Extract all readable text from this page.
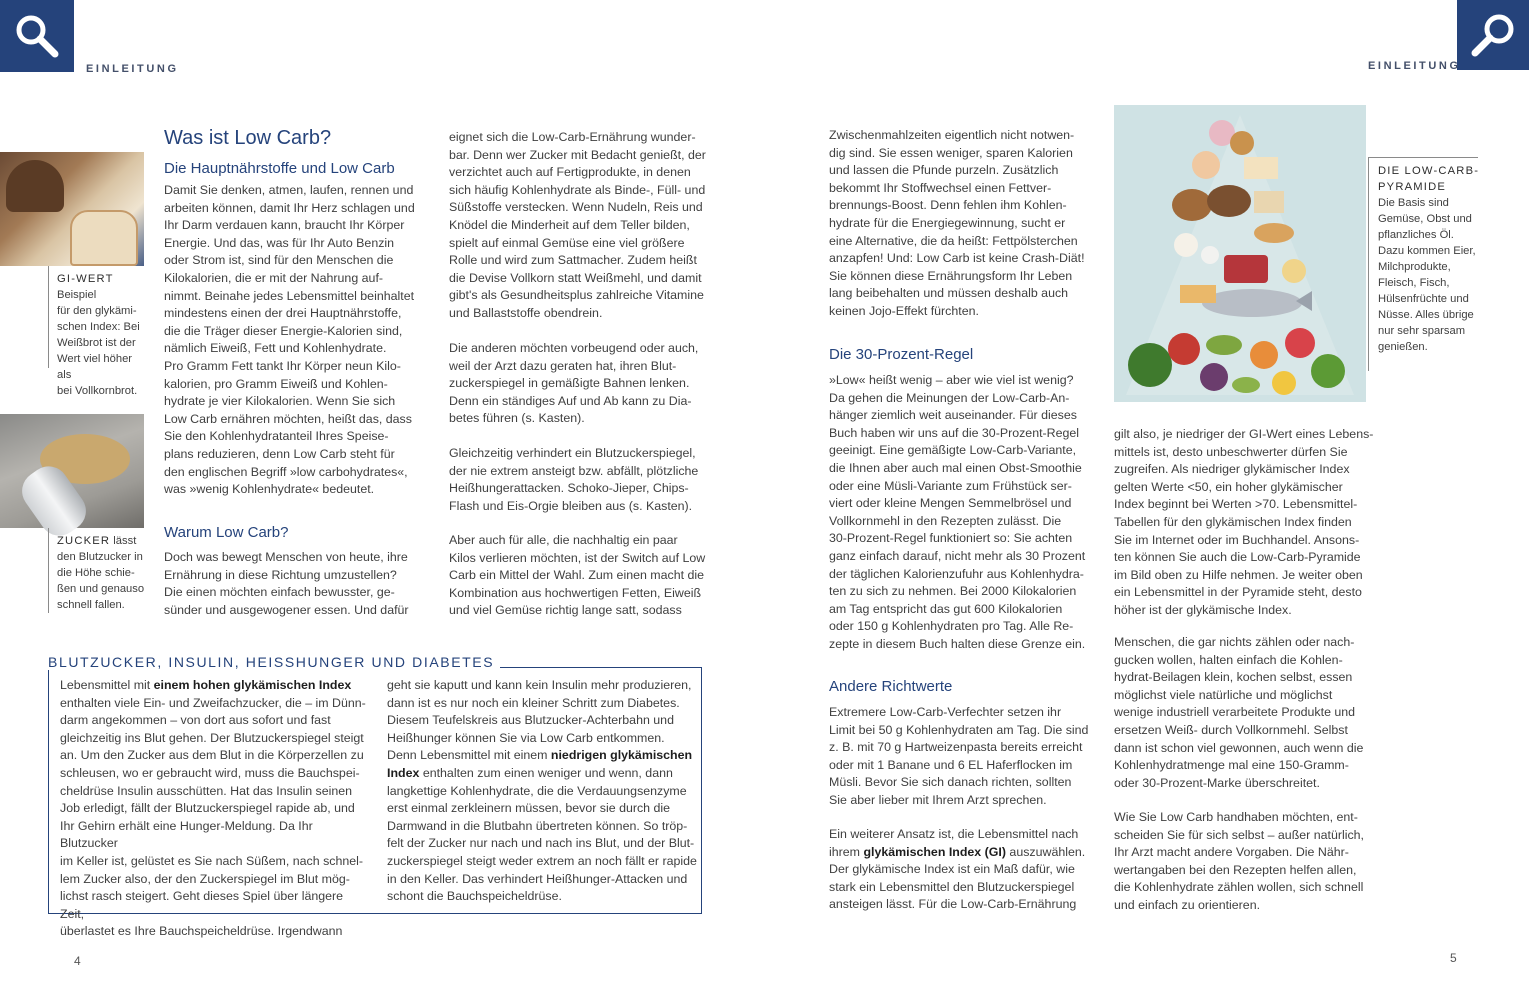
EINLEITUNG	EINLEITUNG
GI-WERT Beispiel
für den glykämi-
schen Index: Bei
Weißbrot ist der
Wert viel höher als
bei Vollkornbrot.
ZUCKER lässt
den Blutzucker in
die Höhe schie-
ßen und genauso
schnell fallen.
Was ist Low Carb?
Die Hauptnährstoffe und Low Carb

Damit Sie denken, atmen, laufen, rennen und
arbeiten können, damit Ihr Herz schlagen und
Ihr Darm verdauen kann, braucht Ihr Körper
Energie. Und das, was für Ihr Auto Benzin
oder Strom ist, sind für den Menschen die
Kilokalorien, die er mit der Nahrung auf-
nimmt. Beinahe jedes Lebensmittel beinhaltet
mindestens einen der drei Hauptnährstoffe,
die die Träger dieser Energie-Kalorien sind,
nämlich Eiweiß, Fett und Kohlenhydrate.
Pro Gramm Fett tankt Ihr Körper neun Kilo-
kalorien, pro Gramm Eiweiß und Kohlen-
hydrate je vier Kilokalorien. Wenn Sie sich
Low Carb ernähren möchten, heißt das, dass
Sie den Kohlenhydratanteil Ihres Speise-
plans reduzieren, denn Low Carb steht für
den englischen Begriff »low carbohydrates«,
was »wenig Kohlenhydrate« bedeutet.

Warum Low Carb?

Doch was bewegt Menschen von heute, ihre
Ernährung in diese Richtung umzustellen?
Die einen möchten einfach bewusster, ge-
sünder und ausgewogener essen. Und dafür

eignet sich die Low-Carb-Ernährung wunder-
bar. Denn wer Zucker mit Bedacht genießt, der
verzichtet auch auf Fertigprodukte, in denen
sich häufig Kohlenhydrate als Binde-, Füll- und
Süßstoffe verstecken. Wenn Nudeln, Reis und
Knödel die Minderheit auf dem Teller bilden,
spielt auf einmal Gemüse eine viel größere
Rolle und wird zum Sattmacher. Zudem heißt
die Devise Vollkorn statt Weißmehl, und damit
gibt's als Gesundheitsplus zahlreiche Vitamine
und Ballaststoffe obendrein.

Die anderen möchten vorbeugend oder auch,
weil der Arzt dazu geraten hat, ihren Blut-
zuckerspiegel in gemäßigte Bahnen lenken.
Denn ein ständiges Auf und Ab kann zu Dia-
betes führen (s. Kasten).

Gleichzeitig verhindert ein Blutzuckerspiegel,
der nie extrem ansteigt bzw. abfällt, plötzliche
Heißhungerattacken. Schoko-Jieper, Chips-
Flash und Eis-Orgie bleiben aus (s. Kasten).

Aber auch für alle, die nachhaltig ein paar
Kilos verlieren möchten, ist der Switch auf Low
Carb ein Mittel der Wahl. Zum einen macht die
Kombination aus hochwertigen Fetten, Eiweiß
und viel Gemüse richtig lange satt, sodass

BLUTZUCKER, INSULIN, HEISSHUNGER UND DIABETES

Lebensmittel mit einem hohen glykämischen Index
enthalten viele Ein- und Zweifachzucker, die – im Dünn-
darm angekommen – von dort aus sofort und fast
gleichzeitig ins Blut gehen. Der Blutzuckerspiegel steigt
an. Um den Zucker aus dem Blut in die Körperzellen zu
schleusen, wo er gebraucht wird, muss die Bauchspei-
cheldrüse Insulin ausschütten. Hat das Insulin seinen
Job erledigt, fällt der Blutzuckerspiegel rapide ab, und
Ihr Gehirn erhält eine Hunger-Meldung. Da Ihr Blutzucker
im Keller ist, gelüstet es Sie nach Süßem, nach schnel-
lem Zucker also, der den Zuckerspiegel im Blut mög-
lichst rasch steigert. Geht dieses Spiel über längere Zeit,
überlastet es Ihre Bauchspeicheldrüse. Irgendwann

geht sie kaputt und kann kein Insulin mehr produzieren,
dann ist es nur noch ein kleiner Schritt zum Diabetes.
Diesem Teufelskreis aus Blutzucker-Achterbahn und
Heißhunger können Sie via Low Carb entkommen.
Denn Lebensmittel mit einem niedrigen glykämischen
Index enthalten zum einen weniger und wenn, dann
langkettige Kohlenhydrate, die die Verdauungsenzyme
erst einmal zerkleinern müssen, bevor sie durch die
Darmwand in die Blutbahn übertreten können. So tröp-
felt der Zucker nur nach und nach ins Blut, und der Blut-
zuckerspiegel steigt weder extrem an noch fällt er rapide
in den Keller. Das verhindert Heißhunger-Attacken und
schont die Bauchspeicheldrüse.

4

Zwischenmahlzeiten eigentlich nicht notwen-
dig sind. Sie essen weniger, sparen Kalorien
und lassen die Pfunde purzeln. Zusätzlich
bekommt Ihr Stoffwechsel einen Fettver-
brennungs-Boost. Denn fehlen ihm Kohlen-
hydrate für die Energiegewinnung, sucht er
eine Alternative, die da heißt: Fettpölsterchen
anzapfen! Und: Low Carb ist keine Crash-Diät!
Sie können diese Ernährungsform Ihr Leben
lang beibehalten und müssen deshalb auch
keinen Jojo-Effekt fürchten.

Die 30-Prozent-Regel

»Low« heißt wenig – aber wie viel ist wenig?
Da gehen die Meinungen der Low-Carb-An-
hänger ziemlich weit auseinander. Für dieses
Buch haben wir uns auf die 30-Prozent-Regel
geeinigt. Eine gemäßigte Low-Carb-Variante,
die Ihnen aber auch mal einen Obst-Smoothie
oder eine Müsli-Variante zum Frühstück ser-
viert oder kleine Mengen Semmelbrösel und
Vollkornmehl in den Rezepten zulässt. Die
30-Prozent-Regel funktioniert so: Sie achten
ganz einfach darauf, nicht mehr als 30 Prozent
der täglichen Kalorienzufuhr aus Kohlenhydra-
ten zu sich zu nehmen. Bei 2000 Kilokalorien
am Tag entspricht das gut 600 Kilokalorien
oder 150 g Kohlenhydraten pro Tag. Alle Re-
zepte in diesem Buch halten diese Grenze ein.

Andere Richtwerte

Extremere Low-Carb-Verfechter setzen ihr
Limit bei 50 g Kohlenhydraten am Tag. Die sind
z. B. mit 70 g Hartweizenpasta bereits erreicht
oder mit 1 Banane und 6 EL Haferflocken im
Müsli. Bevor Sie sich danach richten, sollten
Sie aber lieber mit Ihrem Arzt sprechen.

Ein weiterer Ansatz ist, die Lebensmittel nach
ihrem glykämischen Index (GI) auszuwählen.
Der glykämische Index ist ein Maß dafür, wie
stark ein Lebensmittel den Blutzuckerspiegel
ansteigen lässt. Für die Low-Carb-Ernährung

DIE LOW-CARB-
PYRAMIDE
Die Basis sind
Gemüse, Obst und
pflanzliches Öl.
Dazu kommen Eier,
Milchprodukte,
Fleisch, Fisch,
Hülsenfrüchte und
Nüsse. Alles übrige
nur sehr sparsam
genießen.

gilt also, je niedriger der GI-Wert eines Lebens-
mittels ist, desto unbeschwerter dürfen Sie
zugreifen. Als niedriger glykämischer Index
gelten Werte <50, ein hoher glykämischer
Index beginnt bei Werten >70. Lebensmittel-
Tabellen für den glykämischen Index finden
Sie im Internet oder im Buchhandel. Ansons-
ten können Sie auch die Low-Carb-Pyramide
im Bild oben zu Hilfe nehmen. Je weiter oben
ein Lebensmittel in der Pyramide steht, desto
höher ist der glykämische Index.

Menschen, die gar nichts zählen oder nach-
gucken wollen, halten einfach die Kohlen-
hydrat-Beilagen klein, kochen selbst, essen
möglichst viele natürliche und möglichst
wenige industriell verarbeitete Produkte und
ersetzen Weiß- durch Vollkornmehl. Selbst
dann ist schon viel gewonnen, auch wenn die
Kohlenhydratmenge mal eine 150-Gramm-
oder 30-Prozent-Marke überschreitet.

Wie Sie Low Carb handhaben möchten, ent-
scheiden Sie für sich selbst – außer natürlich,
Ihr Arzt macht andere Vorgaben. Die Nähr-
wertangaben bei den Rezepten helfen allen,
die Kohlenhydrate zählen wollen, sich schnell
und einfach zu orientieren.

5
